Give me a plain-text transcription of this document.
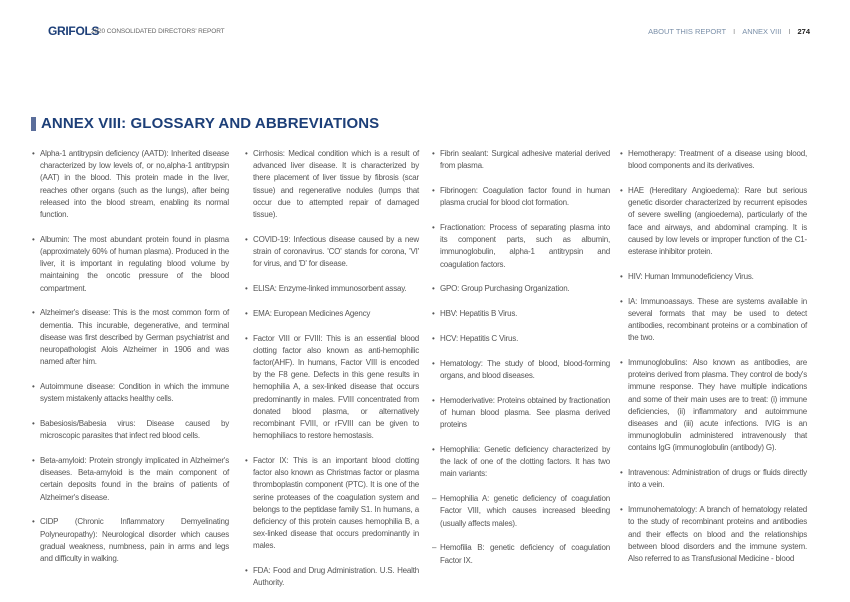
GRIFOLS
2020 CONSOLIDATED DIRECTORS' REPORT	ABOUT THIS REPORT I ANNEX VIII I 274
ANNEX VIII: GLOSSARY AND ABBREVIATIONS
• Alpha-1 antitrypsin deficiency (AATD): Inherited disease characterized by low levels of, or no,alpha-1 antitrypsin (AAT) in the blood. This protein made in the liver, reaches other organs (such as the lungs), after being released into the blood stream, enabling its normal function.
• Albumin: The most abundant protein found in plasma (approximately 60% of human plasma). Produced in the liver, it is important in regulating blood volume by maintaining the oncotic pressure of the blood compartment.
• Alzheimer's disease: This is the most common form of dementia. This incurable, degenerative, and terminal disease was first described by German psychiatrist and neuropathologist Alois Alzheimer in 1906 and was named after him.
• Autoimmune disease: Condition in which the immune system mistakenly attacks healthy cells.
• Babesiosis/Babesia virus: Disease caused by microscopic parasites that infect red blood cells.
• Beta-amyloid: Protein strongly implicated in Alzheimer's diseases. Beta-amyloid is the main component of certain deposits found in the brains of patients of Alzheimer's disease.
• CIDP (Chronic Inflammatory Demyelinating Polyneuropathy): Neurological disorder which causes gradual weakness, numbness, pain in arms and legs and difficulty in walking.
• Cirrhosis: Medical condition which is a result of advanced liver disease. It is characterized by there placement of liver tissue by fibrosis (scar tissue) and regenerative nodules (lumps that occur due to attempted repair of damaged tissue).
• COVID-19: Infectious disease caused by a new strain of coronavirus. 'CO' stands for corona, 'VI' for virus, and 'D' for disease.
• ELISA: Enzyme-linked immunosorbent assay.
• EMA: European Medicines Agency
• Factor VIII or FVIII: This is an essential blood clotting factor also known as anti-hemophilic factor(AHF). In humans, Factor VIII is encoded by the F8 gene. Defects in this gene results in hemophilia A, a sex-linked disease that occurs predominantly in males. FVIII concentrated from donated blood plasma, or alternatively recombinant FVIII, or rFVIII can be given to hemophiliacs to restore hemostasis.
• Factor IX: This is an important blood clotting factor also known as Christmas factor or plasma thromboplastin component (PTC). It is one of the serine proteases of the coagulation system and belongs to the peptidase family S1. In humans, a deficiency of this protein causes hemophilia B, a sex-linked disease that occurs predominantly in males.
• FDA: Food and Drug Administration. U.S. Health Authority.
• Fibrin sealant: Surgical adhesive material derived from plasma.
• Fibrinogen: Coagulation factor found in human plasma crucial for blood clot formation.
• Fractionation: Process of separating plasma into its component parts, such as albumin, immunoglobulin, alpha-1 antitrypsin and coagulation factors.
• GPO: Group Purchasing Organization.
• HBV: Hepatitis B Virus.
• HCV: Hepatitis C Virus.
• Hematology: The study of blood, blood-forming organs, and blood diseases.
• Hemoderivative: Proteins obtained by fractionation of human blood plasma. See plasma derived proteins
• Hemophilia: Genetic deficiency characterized by the lack of one of the clotting factors. It has two main variants:
– Hemophilia A: genetic deficiency of coagulation Factor VIII, which causes increased bleeding (usually affects males).
– Hemofilia B: genetic deficiency of coagulation Factor IX.
• Hemotherapy: Treatment of a disease using blood, blood components and its derivatives.
• HAE (Hereditary Angioedema): Rare but serious genetic disorder characterized by recurrent episodes of severe swelling (angioedema), particularly of the face and airways, and abdominal cramping. It is caused by low levels or improper function of the C1-esterase inhibitor protein.
• HIV: Human Immunodeficiency Virus.
• IA: Immunoassays. These are systems available in several formats that may be used to detect antibodies, recombinant proteins or a combination of the two.
• Immunoglobulins: Also known as antibodies, are proteins derived from plasma. They control de body's immune response. They have multiple indications and some of their main uses are to treat: (i) immune deficiencies, (ii) inflammatory and autoimmune diseases and (iii) acute infections. IVIG is an immunoglobulin administered intravenously that contains IgG (immunoglobulin (antibody) G).
• Intravenous: Administration of drugs or fluids directly into a vein.
• Immunohematology: A branch of hematology related to the study of recombinant proteins and antibodies and their effects on blood and the relationships between blood disorders and the immune system. Also referred to as Transfusional Medicine - blood
